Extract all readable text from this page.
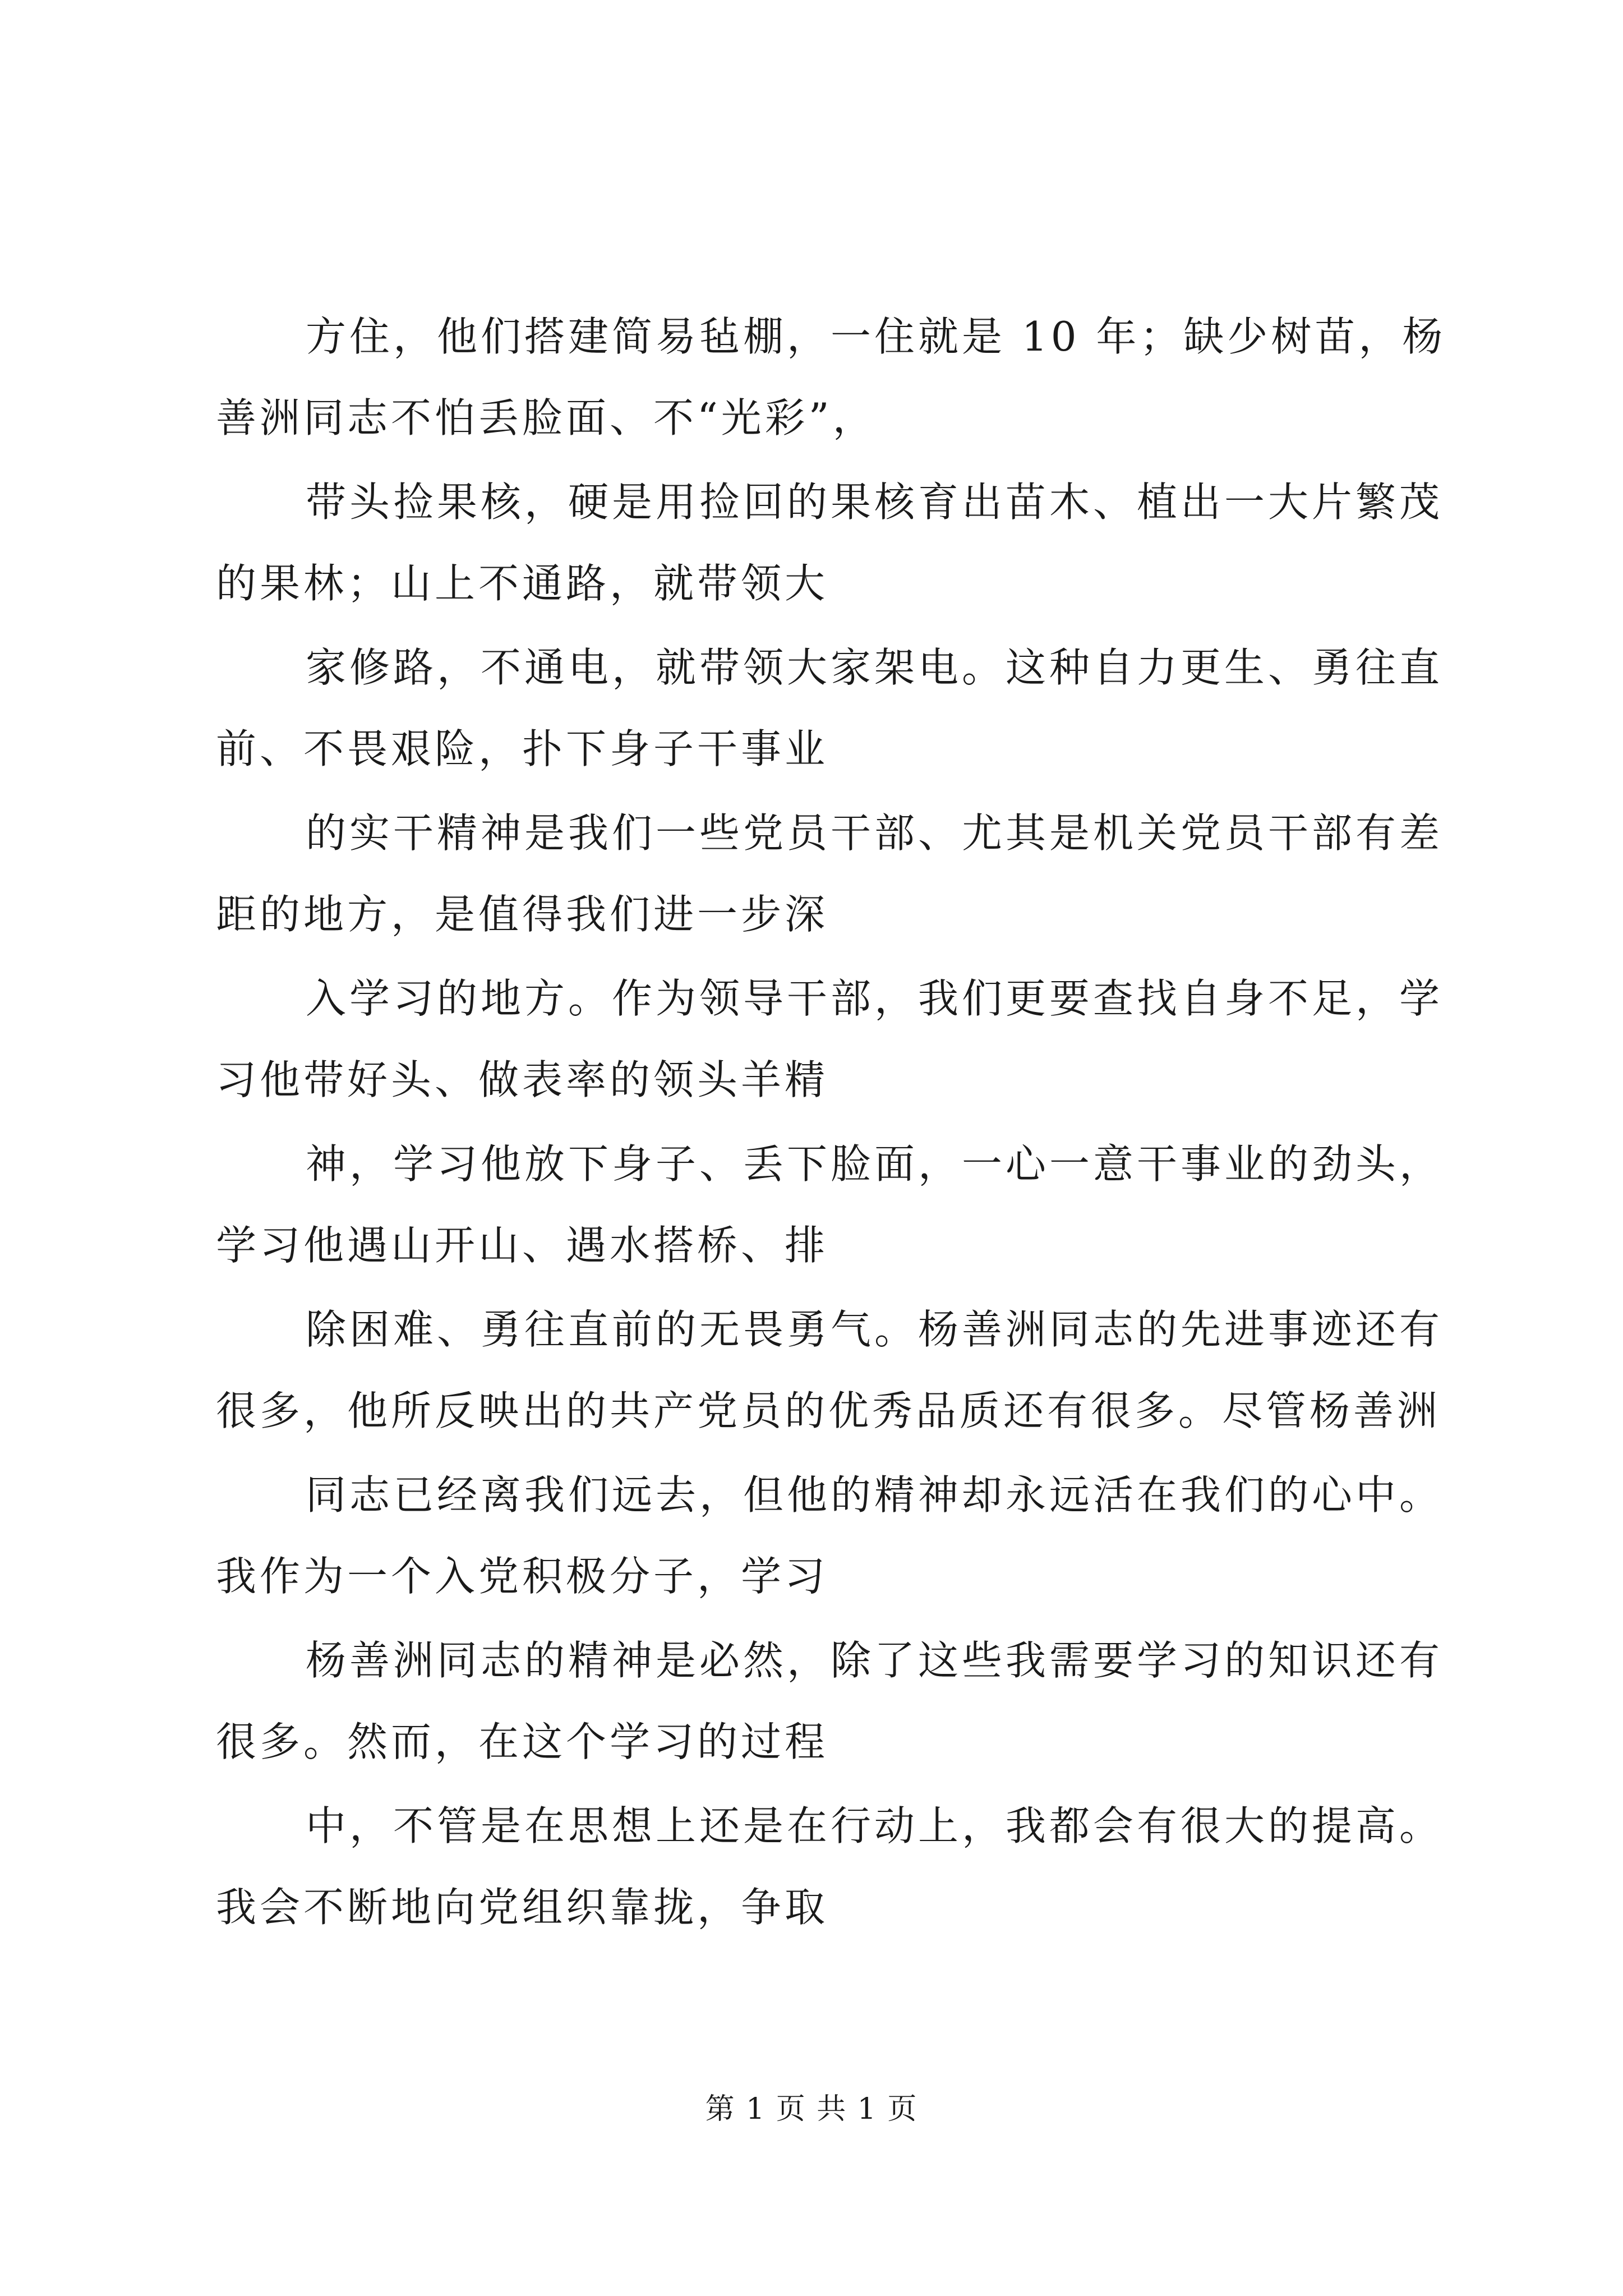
方住，他们搭建简易毡棚，一住就是 10 年；缺少树苗，杨
善洲同志不怕丢脸面、不“光彩”，
带头捡果核，硬是用捡回的果核育出苗木、植出一大片繁茂
的果林；山上不通路，就带领大
家修路，不通电，就带领大家架电。这种自力更生、勇往直
前、不畏艰险，扑下身子干事业
的实干精神是我们一些党员干部、尤其是机关党员干部有差
距的地方，是值得我们进一步深
入学习的地方。作为领导干部，我们更要查找自身不足，学
习他带好头、做表率的领头羊精
神，学习他放下身子、丢下脸面，一心一意干事业的劲头，
学习他遇山开山、遇水搭桥、排
除困难、勇往直前的无畏勇气。杨善洲同志的先进事迹还有
很多，他所反映出的共产党员的优秀品质还有很多。尽管杨善洲
同志已经离我们远去，但他的精神却永远活在我们的心中。
我作为一个入党积极分子，学习
杨善洲同志的精神是必然，除了这些我需要学习的知识还有
很多。然而，在这个学习的过程
中，不管是在思想上还是在行动上，我都会有很大的提高。
我会不断地向党组织靠拢，争取
第 1 页 共 1 页
